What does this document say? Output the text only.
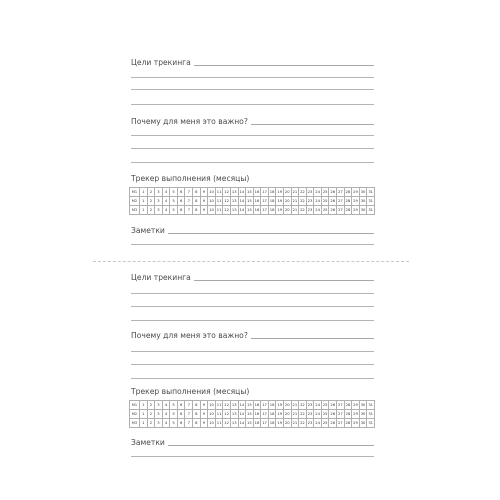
Цели трекинга
Почему для меня это важно?
Трекер выполнения (месяцы)
М1	1	2	3	4	5	6	7	8	9	10	11	12	13	14	15	16	17	18	19	20	21	22	23	24	25	26	27	28	29	30	31
М2	1	2	3	4	5	6	7	8	9	10	11	12	13	14	15	16	17	18	19	20	21	22	23	24	25	26	27	28	29	30	31
М3	1	2	3	4	5	6	7	8	9	10	11	12	13	14	15	16	17	18	19	20	21	22	23	24	25	26	27	28	29	30	31
Заметки
Цели трекинга
Почему для меня это важно?
Трекер выполнения (месяцы)
М1	1	2	3	4	5	6	7	8	9	10	11	12	13	14	15	16	17	18	19	20	21	22	23	24	25	26	27	28	29	30	31
М2	1	2	3	4	5	6	7	8	9	10	11	12	13	14	15	16	17	18	19	20	21	22	23	24	25	26	27	28	29	30	31
М3	1	2	3	4	5	6	7	8	9	10	11	12	13	14	15	16	17	18	19	20	21	22	23	24	25	26	27	28	29	30	31
Заметки
